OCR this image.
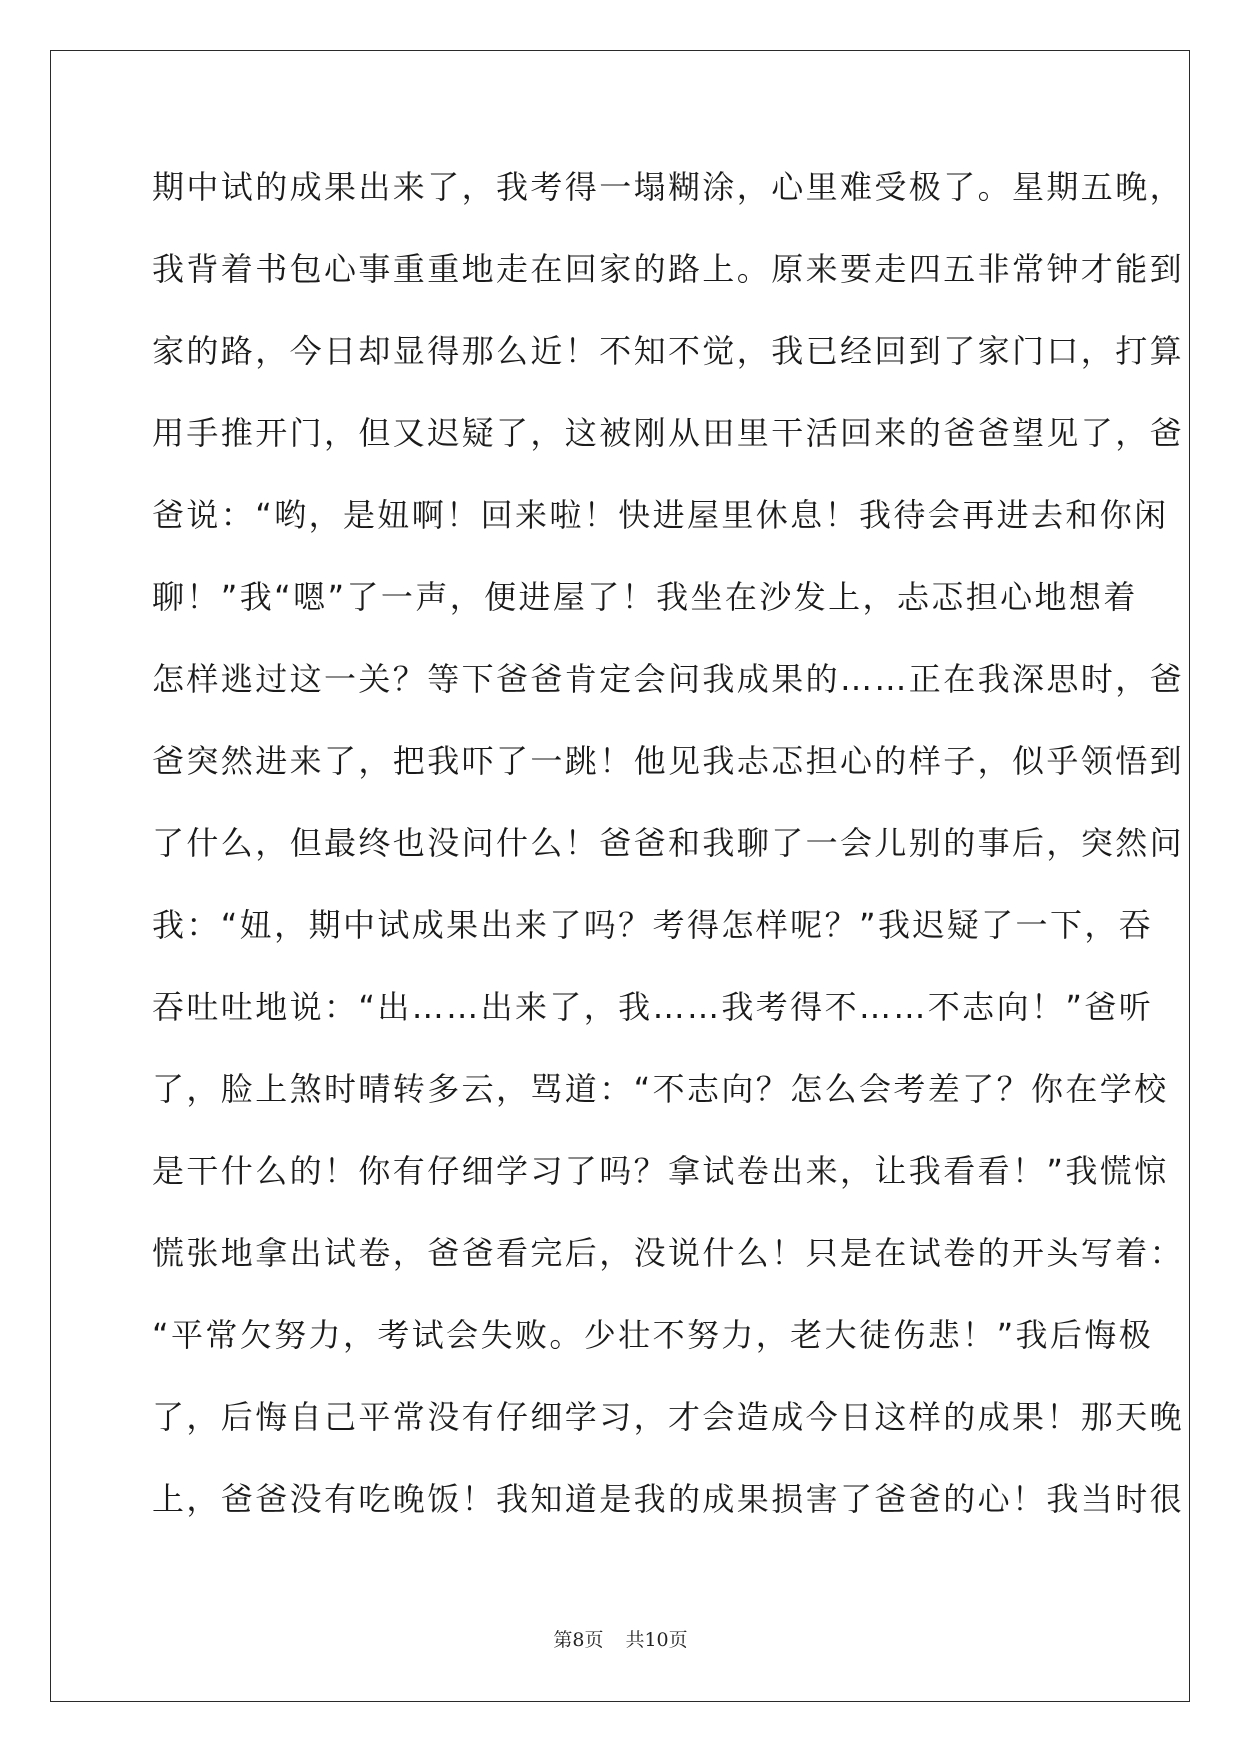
期中试的成果出来了，我考得一塌糊涂，心里难受极了。星期五晚，
我背着书包心事重重地走在回家的路上。原来要走四五非常钟才能到
家的路，今日却显得那么近！不知不觉，我已经回到了家门口，打算
用手推开门，但又迟疑了，这被刚从田里干活回来的爸爸望见了，爸
爸说：“哟，是妞啊！回来啦！快进屋里休息！我待会再进去和你闲
聊！”我“嗯”了一声，便进屋了！我坐在沙发上，忐忑担心地想着
怎样逃过这一关？等下爸爸肯定会问我成果的……正在我深思时，爸
爸突然进来了，把我吓了一跳！他见我忐忑担心的样子，似乎领悟到
了什么，但最终也没问什么！爸爸和我聊了一会儿别的事后，突然问
我：“妞，期中试成果出来了吗？考得怎样呢？”我迟疑了一下，吞
吞吐吐地说：“出……出来了，我……我考得不……不志向！”爸听
了，脸上煞时晴转多云，骂道：“不志向？怎么会考差了？你在学校
是干什么的！你有仔细学习了吗？拿试卷出来，让我看看！”我慌惊
慌张地拿出试卷，爸爸看完后，没说什么！只是在试卷的开头写着：
“平常欠努力，考试会失败。少壮不努力，老大徒伤悲！”我后悔极
了，后悔自己平常没有仔细学习，才会造成今日这样的成果！那天晚
上，爸爸没有吃晚饭！我知道是我的成果损害了爸爸的心！我当时很
第8页 共10页
